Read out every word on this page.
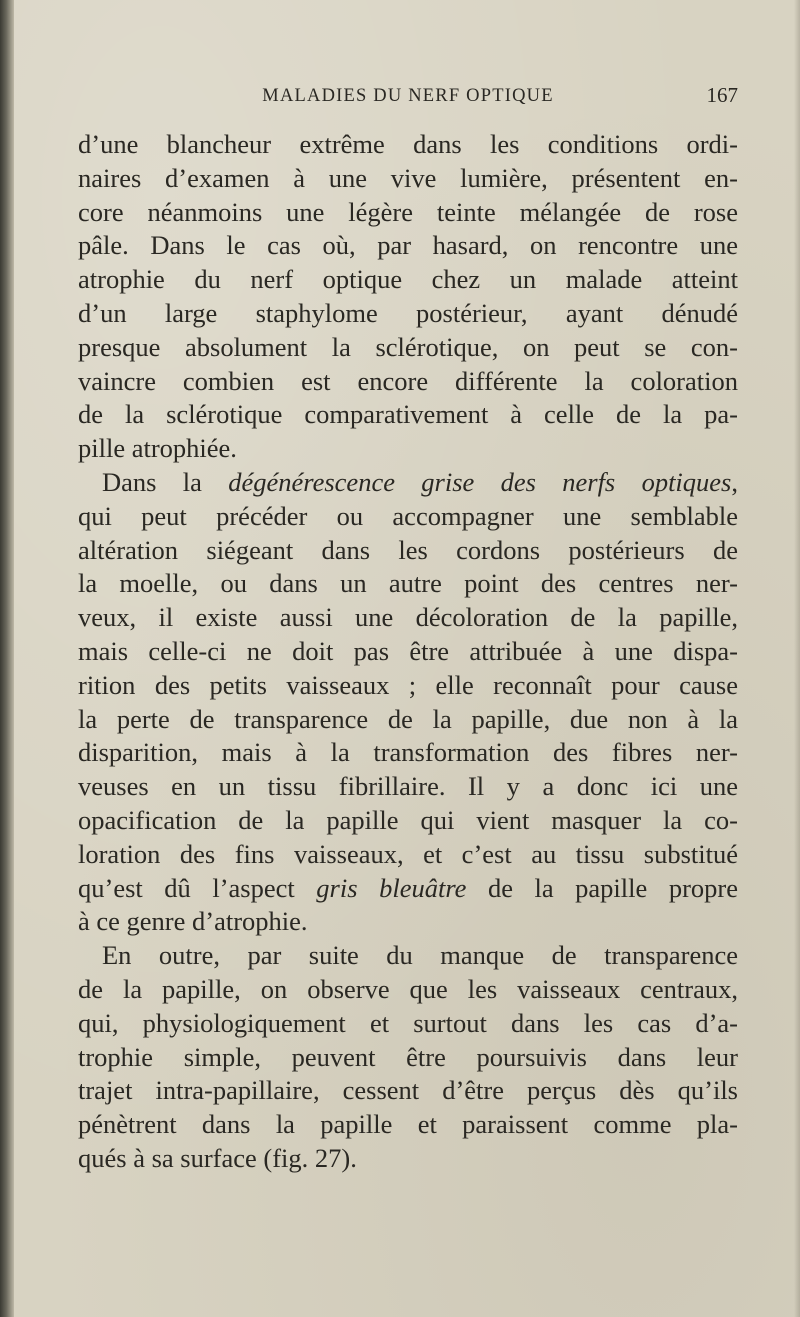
MALADIES DU NERF OPTIQUE	167
d’une blancheur extrême dans les conditions ordi-
naires d’examen à une vive lumière, présentent en-
core néanmoins une légère teinte mélangée de rose
pâle. Dans le cas où, par hasard, on rencontre une
atrophie du nerf optique chez un malade atteint
d’un large staphylome postérieur, ayant dénudé
presque absolument la sclérotique, on peut se con-
vaincre combien est encore différente la coloration
de la sclérotique comparativement à celle de la pa-
pille atrophiée.
Dans la dégénérescence grise des nerfs optiques,
qui peut précéder ou accompagner une semblable
altération siégeant dans les cordons postérieurs de
la moelle, ou dans un autre point des centres ner-
veux, il existe aussi une décoloration de la papille,
mais celle-ci ne doit pas être attribuée à une dispa-
rition des petits vaisseaux ; elle reconnaît pour cause
la perte de transparence de la papille, due non à la
disparition, mais à la transformation des fibres ner-
veuses en un tissu fibrillaire. Il y a donc ici une
opacification de la papille qui vient masquer la co-
loration des fins vaisseaux, et c’est au tissu substitué
qu’est dû l’aspect gris bleuâtre de la papille propre
à ce genre d’atrophie.
En outre, par suite du manque de transparence
de la papille, on observe que les vaisseaux centraux,
qui, physiologiquement et surtout dans les cas d’a-
trophie simple, peuvent être poursuivis dans leur
trajet intra-papillaire, cessent d’être perçus dès qu’ils
pénètrent dans la papille et paraissent comme pla-
qués à sa surface (fig. 27).
